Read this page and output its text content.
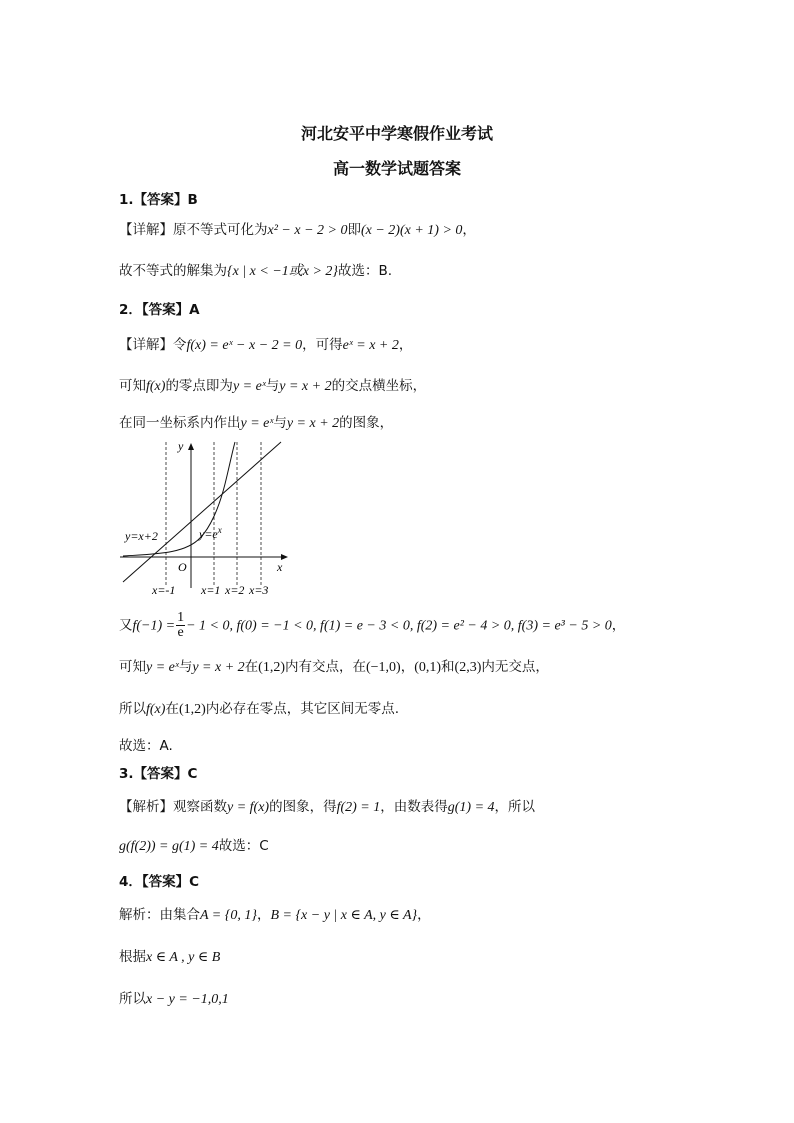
河北安平中学寒假作业考试
高一数学试题答案
1.【答案】B
【详解】原不等式可化为x² − x − 2 > 0即(x − 2)(x + 1) > 0，
故不等式的解集为{x | x < −1或x > 2}故选：B.
2．【答案】A
【详解】令f(x) = eˣ − x − 2 = 0，可得eˣ = x + 2，
可知f(x)的零点即为y = eˣ与y = x + 2的交点横坐标，
在同一坐标系内作出y = eˣ与y = x + 2的图象，
y
x
O
y=x+2	$y=e^x$
x=-1 x=1 x=2 x=3
又$f(-1) = \frac{1}{e} - 1 < 0$, f(0) = −1 < 0, f(1) = e − 3 < 0, f(2) = e² − 4 > 0, f(3) = e³ − 5 > 0，
可知y = eˣ与y = x + 2在(1,2)内有交点，在(−1,0)，(0,1)和(2,3)内无交点，
所以f(x)在(1,2)内必存在零点，其它区间无零点.
故选：A.
3.【答案】C
【解析】观察函数y = f(x)的图象，得f(2) = 1，由数表得g(1) = 4，所以
g(f(2)) = g(1) = 4故选：C
4．【答案】C
解析：由集合A = {0, 1}，B = {x − y | x ∈ A, y ∈ A}，
根据x ∈ A , y ∈ B
所以x − y = −1,0,1
